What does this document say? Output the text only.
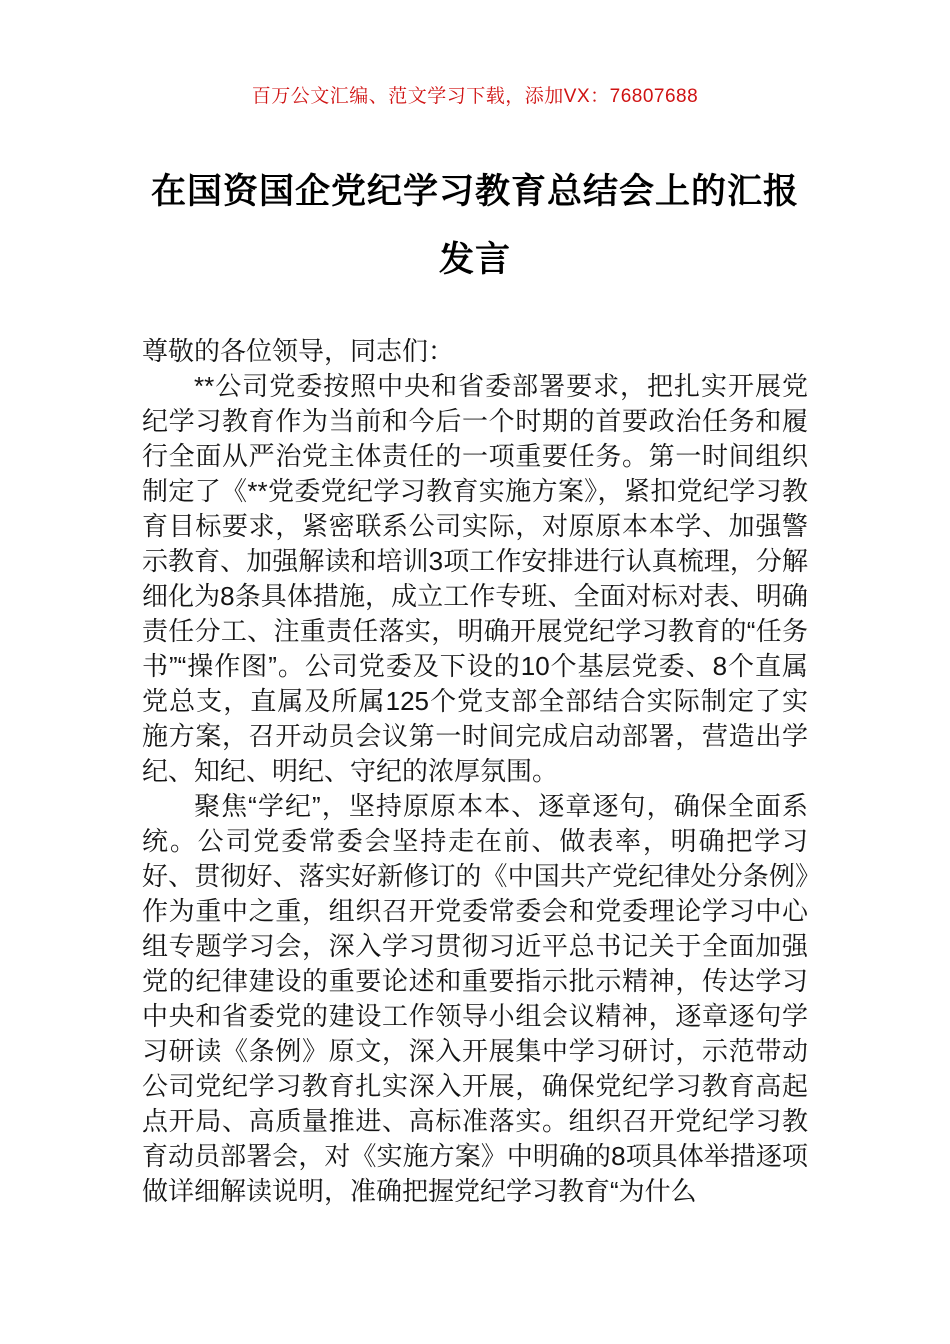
百万公文汇编、范文学习下载，添加VX：76807688
在国资国企党纪学习教育总结会上的汇报发言

尊敬的各位领导，同志们：

**公司党委按照中央和省委部署要求，把扎实开展党纪学习教育作为当前和今后一个时期的首要政治任务和履行全面从严治党主体责任的一项重要任务。第一时间组织制定了《**党委党纪学习教育实施方案》，紧扣党纪学习教育目标要求，紧密联系公司实际，对原原本本学、加强警示教育、加强解读和培训3项工作安排进行认真梳理，分解细化为8条具体措施，成立工作专班、全面对标对表、明确责任分工、注重责任落实，明确开展党纪学习教育的“任务书”“操作图”。公司党委及下设的10个基层党委、8个直属党总支，直属及所属125个党支部全部结合实际制定了实施方案，召开动员会议第一时间完成启动部署，营造出学纪、知纪、明纪、守纪的浓厚氛围。

聚焦“学纪”，坚持原原本本、逐章逐句，确保全面系统。公司党委常委会坚持走在前、做表率，明确把学习好、贯彻好、落实好新修订的《中国共产党纪律处分条例》作为重中之重，组织召开党委常委会和党委理论学习中心组专题学习会，深入学习贯彻习近平总书记关于全面加强党的纪律建设的重要论述和重要指示批示精神，传达学习中央和省委党的建设工作领导小组会议精神，逐章逐句学习研读《条例》原文，深入开展集中学习研讨，示范带动公司党纪学习教育扎实深入开展，确保党纪学习教育高起点开局、高质量推进、高标准落实。组织召开党纪学习教育动员部署会，对《实施方案》中明确的8项具体举措逐项做详细解读说明，准确把握党纪学习教育“为什么
